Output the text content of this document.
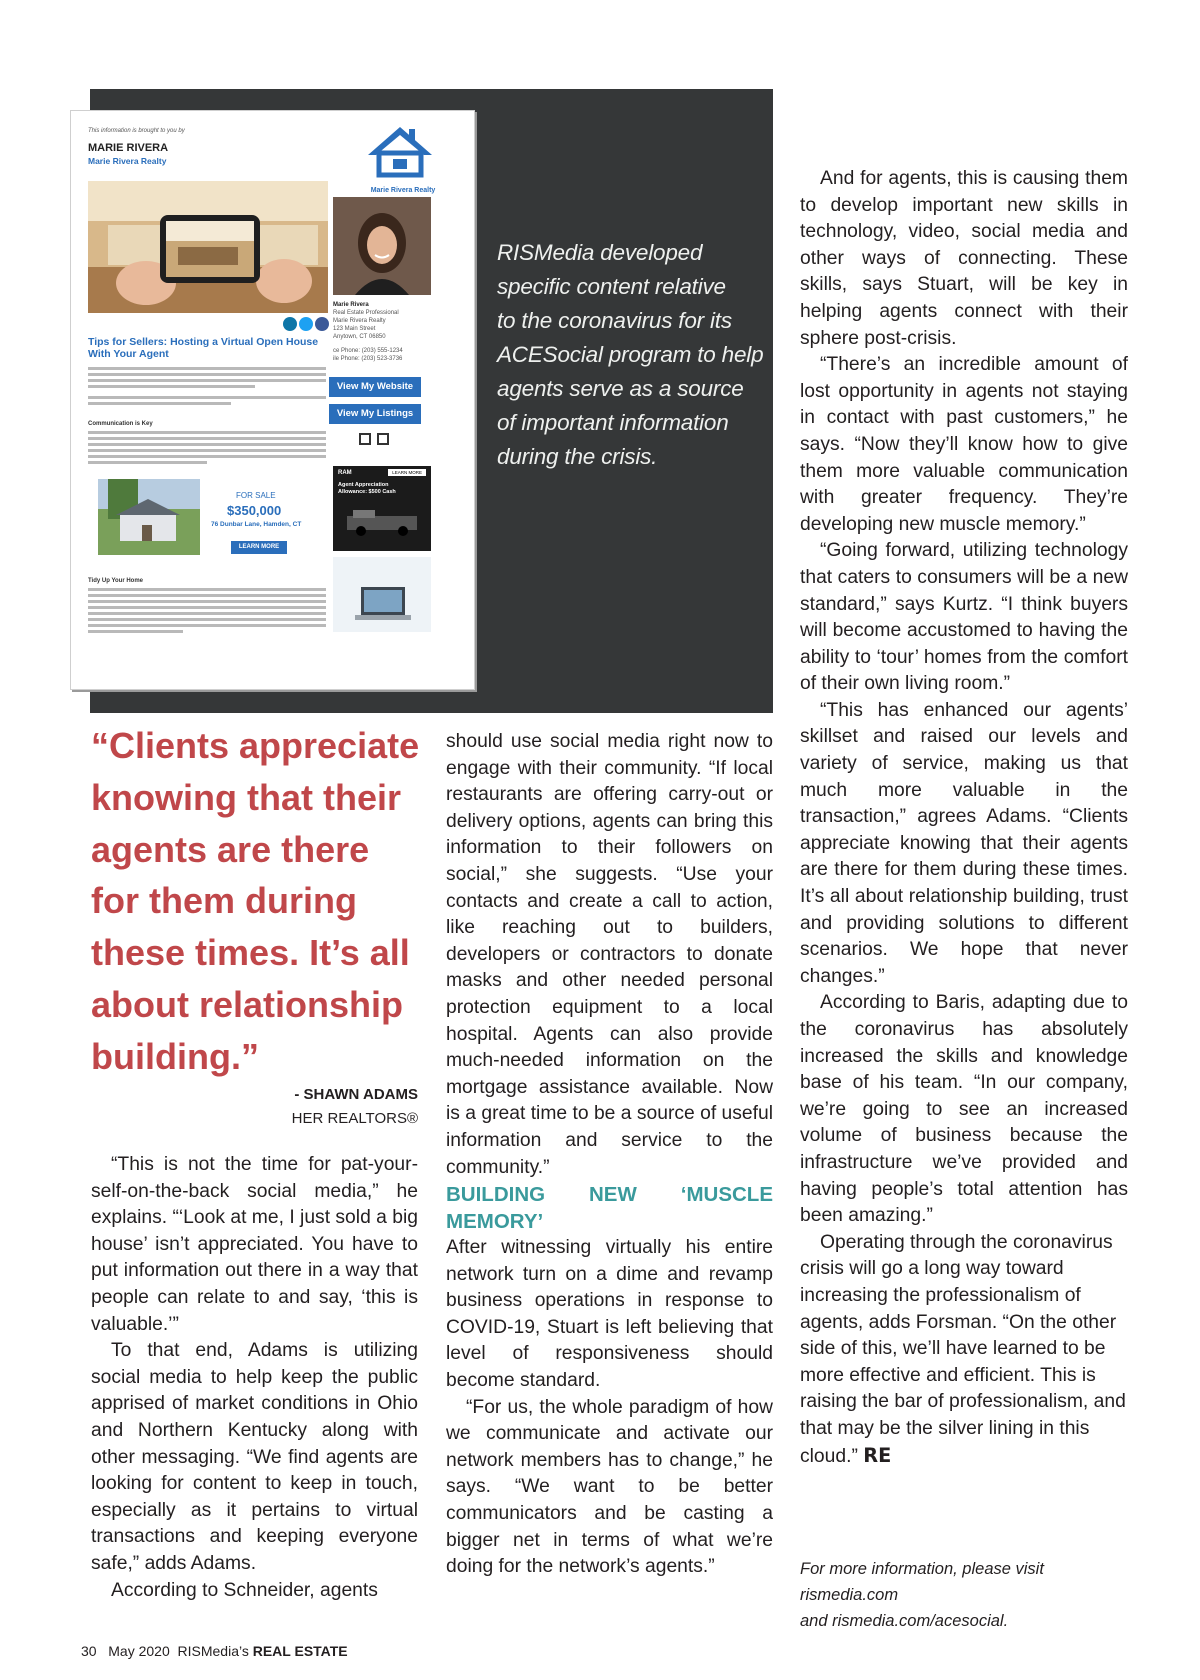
This information is brought to you by
MARIE RIVERA
Marie Rivera Realty
Marie Rivera Realty
Marie Rivera
Real Estate Professional
Marie Rivera Realty
123 Main Street
Anytown, CT 06850
ce Phone: (203) 555-1234
ile Phone: (203) 523-3736
Tips for Sellers: Hosting a Virtual Open House With Your Agent
Communication is Key
View My Website
View My Listings
FOR SALE
$350,000
76 Dunbar Lane, Hamden, CT
LEARN MORE
Tidy Up Your Home
RAM	LEARN MORE
Agent Appreciation Allowance: $500 Cash
RISMedia developed
specific content relative
to the coronavirus for its
ACESocial program to help
agents serve as a source
of important information
during the crisis.
“Clients appreciate
knowing that their
agents are there
for them during
these times. It’s all
about relationship
building.”
- SHAWN ADAMS
HER REALTORS®

“This is not the time for pat-your-self-on-the-back social media,” he explains. “‘Look at me, I just sold a big house’ isn’t appreciated. You have to put information out there in a way that people can relate to and say, ‘this is valuable.’”

To that end, Adams is utilizing social media to help keep the public apprised of market conditions in Ohio and Northern Kentucky along with other messaging. “We find agents are looking for content to keep in touch, especially as it pertains to virtual transactions and keeping everyone safe,” adds Adams.

According to Schneider, agents

should use social media right now to engage with their community. “If local restaurants are offering carry-out or delivery options, agents can bring this information to their followers on social,” she suggests. “Use your contacts and create a call to action, like reaching out to builders, developers or contractors to donate masks and other needed personal protection equipment to a local hospital. Agents can also provide much-needed information on the mortgage assistance available. Now is a great time to be a source of useful information and service to the community.”

BUILDING NEW ‘MUSCLE MEMORY’

After witnessing virtually his entire network turn on a dime and revamp business operations in response to COVID-19, Stuart is left believing that level of responsiveness should become standard.

“For us, the whole paradigm of how we communicate and activate our network members has to change,” he says. “We want to be better communicators and be casting a bigger net in terms of what we’re doing for the network’s agents.”

And for agents, this is causing them to develop important new skills in technology, video, social media and other ways of connecting. These skills, says Stuart, will be key in helping agents connect with their sphere post-crisis.

“There’s an incredible amount of lost opportunity in agents not staying in contact with past customers,” he says. “Now they’ll know how to give them more valuable communication with greater frequency. They’re developing new muscle memory.”

“Going forward, utilizing technology that caters to consumers will be a new standard,” says Kurtz. “I think buyers will become accustomed to having the ability to ‘tour’ homes from the comfort of their own living room.”

“This has enhanced our agents’ skillset and raised our levels and variety of service, making us that much more valuable in the transaction,” agrees Adams. “Clients appreciate knowing that their agents are there for them during these times. It’s all about relationship building, trust and providing solutions to different scenarios. We hope that never changes.”

According to Baris, adapting due to the coronavirus has absolutely increased the skills and knowledge base of his team. “In our company, we’re going to see an increased volume of business because the infrastructure we’ve provided and having people’s total attention has been amazing.”

Operating through the coronavirus crisis will go a long way toward increasing the professionalism of agents, adds Forsman. “On the other side of this, we’ll have learned to be more effective and efficient. This is raising the bar of professionalism, and that may be the silver lining in this cloud.” RE

For more information, please visit rismedia.com
and rismedia.com/acesocial.
30 May 2020 RISMedia’s REAL ESTATE
